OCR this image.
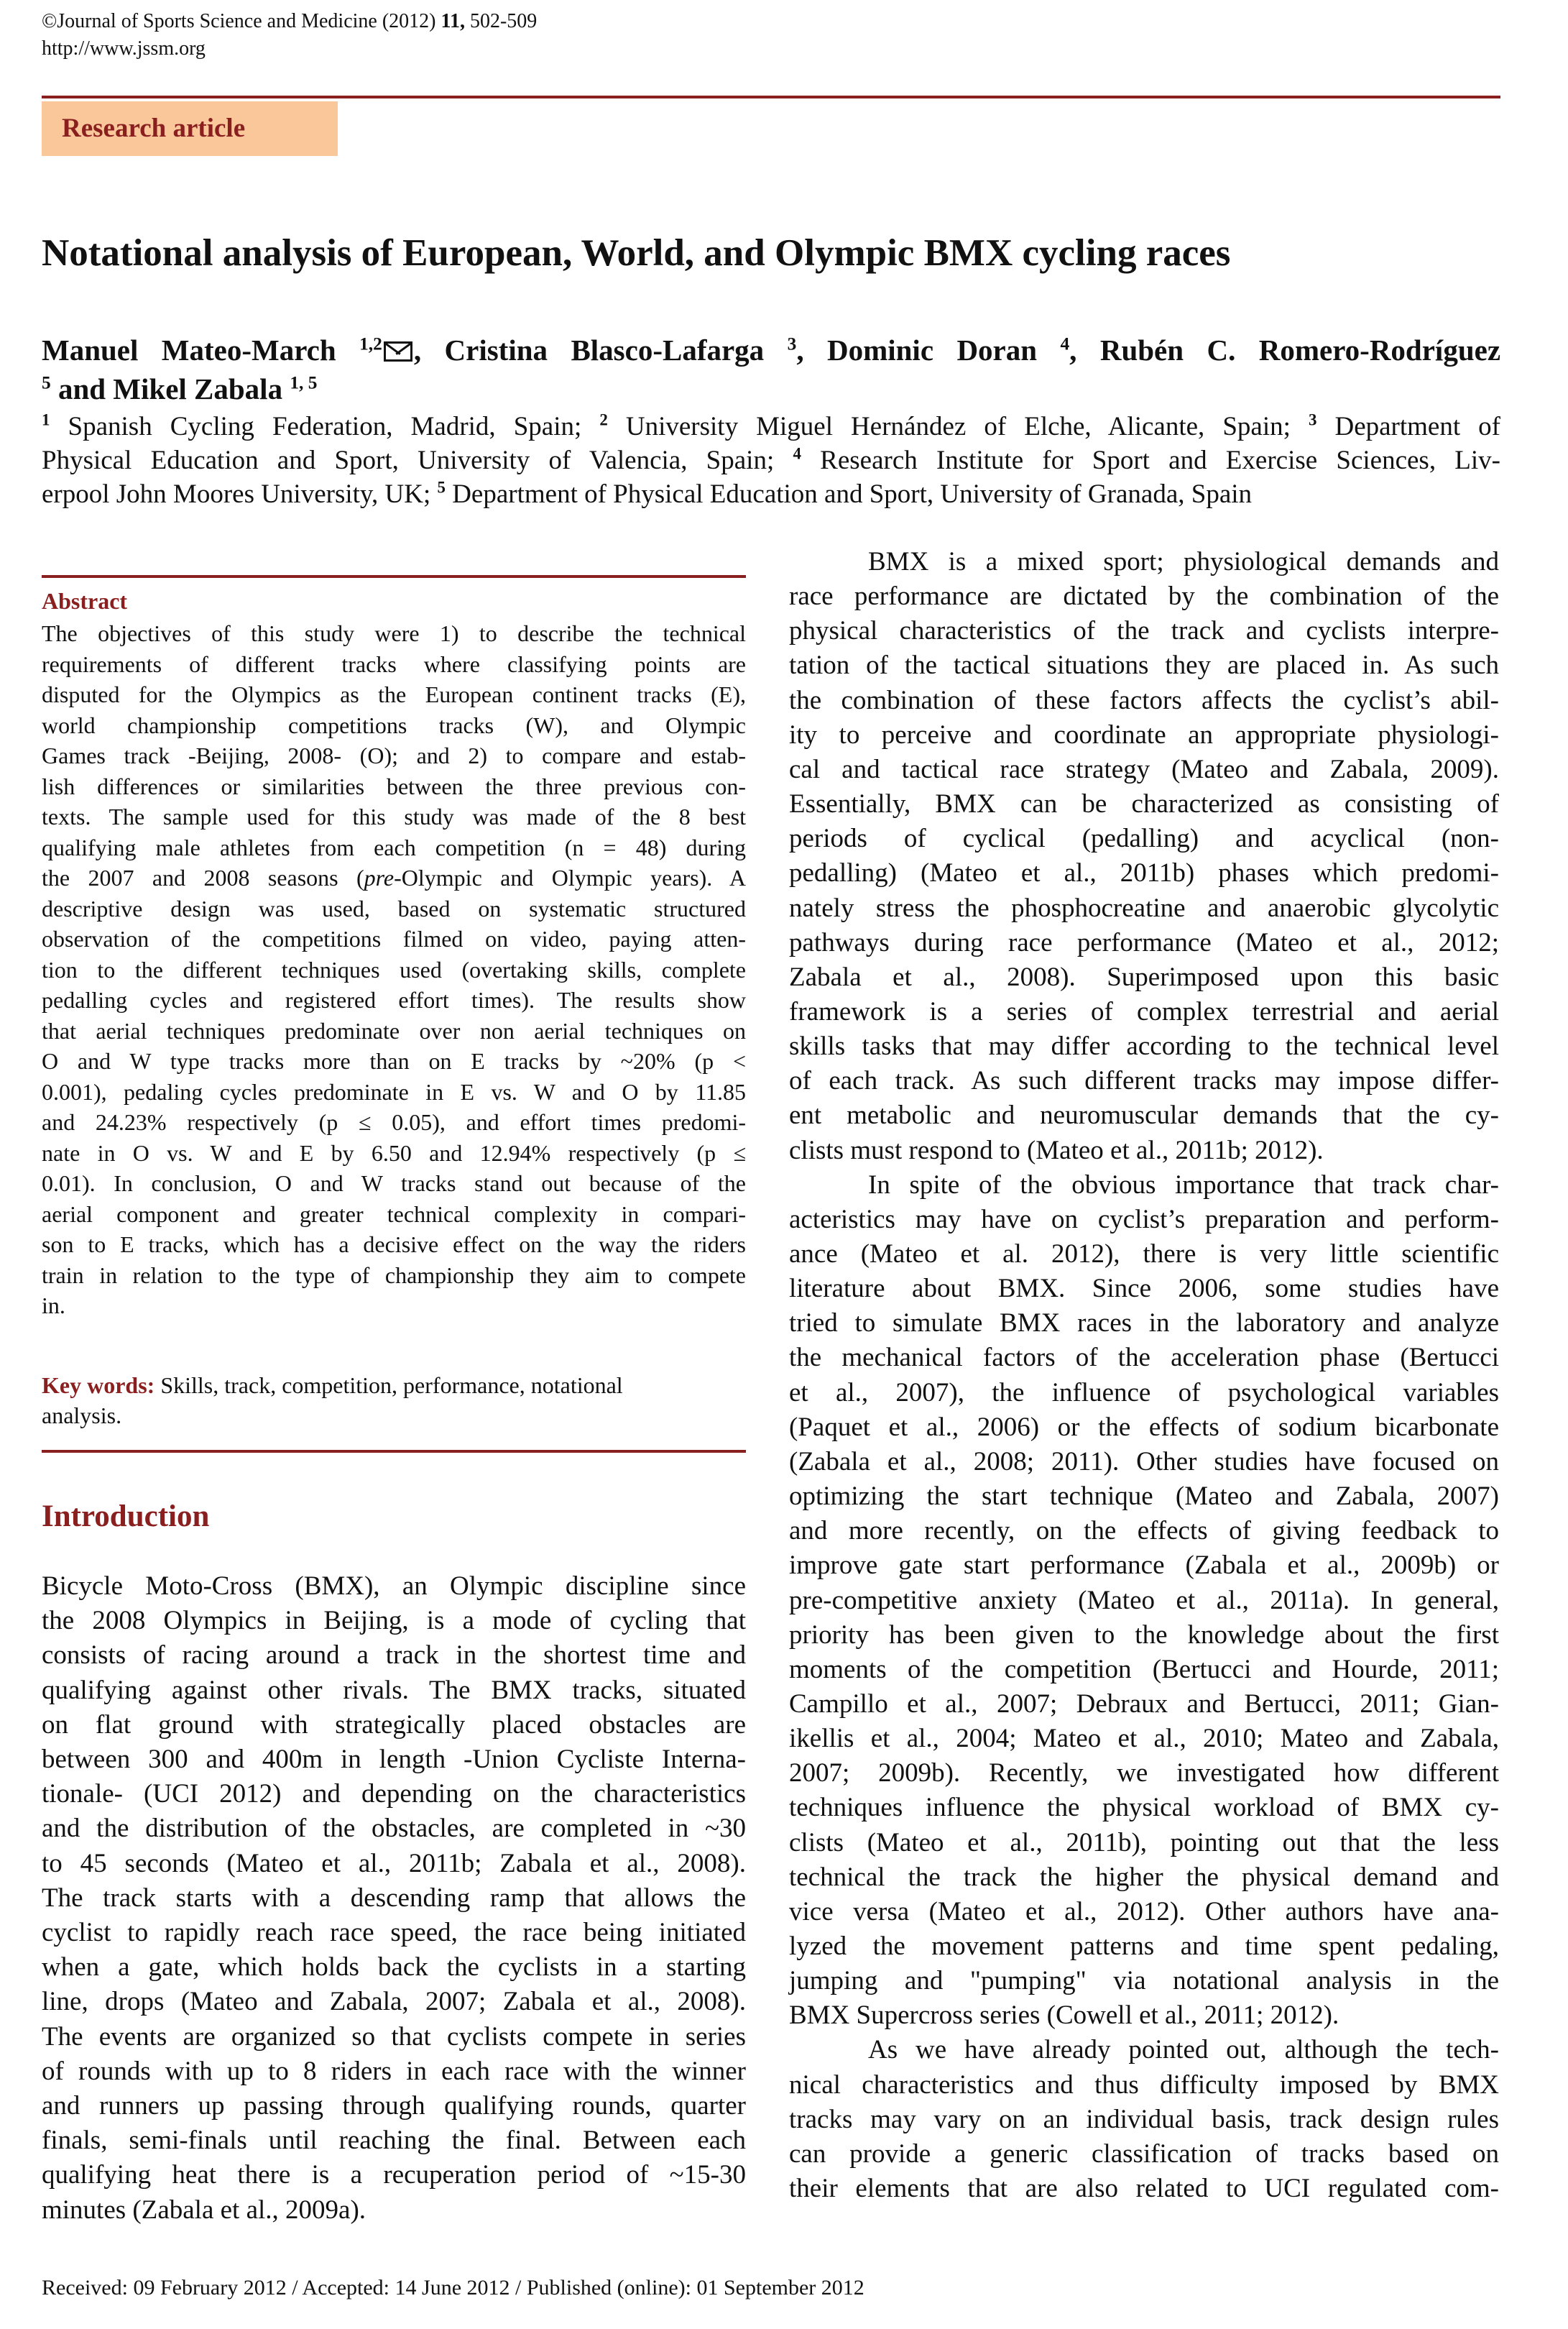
©Journal of Sports Science and Medicine (2012) 11, 502-509
http://www.jssm.org
Research article
Notational analysis of European, World, and Olympic BMX cycling races
Manuel Mateo-March $^{1,2}$ , Cristina Blasco-Lafarga $^3$, Dominic Doran $^4$, Rubén C. Romero-Rodríguez
$^5$ and Mikel Zabala $^{1, 5}$
$^1$ Spanish Cycling Federation, Madrid, Spain; $^2$ University Miguel Hernández of Elche, Alicante, Spain; $^3$ Department of
Physical Education and Sport, University of Valencia, Spain; $^4$ Research Institute for Sport and Exercise Sciences, Liv-
erpool John Moores University, UK; $^5$ Department of Physical Education and Sport, University of Granada, Spain
Abstract
The objectives of this study were 1) to describe the technical
requirements of different tracks where classifying points are
disputed for the Olympics as the European continent tracks (E),
world championship competitions tracks (W), and Olympic
Games track -Beijing, 2008- (O); and 2) to compare and estab-
lish differences or similarities between the three previous con-
texts. The sample used for this study was made of the 8 best
qualifying male athletes from each competition (n = 48) during
the 2007 and 2008 seasons (pre-Olympic and Olympic years). A
descriptive design was used, based on systematic structured
observation of the competitions filmed on video, paying atten-
tion to the different techniques used (overtaking skills, complete
pedalling cycles and registered effort times). The results show
that aerial techniques predominate over non aerial techniques on
O and W type tracks more than on E tracks by ~20% (p <
0.001), pedaling cycles predominate in E vs. W and O by 11.85
and 24.23% respectively (p ≤ 0.05), and effort times predomi-
nate in O vs. W and E by 6.50 and 12.94% respectively (p ≤
0.01). In conclusion, O and W tracks stand out because of the
aerial component and greater technical complexity in compari-
son to E tracks, which has a decisive effect on the way the riders
train in relation to the type of championship they aim to compete
in.
Key words: Skills, track, competition, performance, notational
analysis.
Introduction
Bicycle Moto-Cross (BMX), an Olympic discipline since
the 2008 Olympics in Beijing, is a mode of cycling that
consists of racing around a track in the shortest time and
qualifying against other rivals. The BMX tracks, situated
on flat ground with strategically placed obstacles are
between 300 and 400m in length -Union Cycliste Interna-
tionale- (UCI 2012) and depending on the characteristics
and the distribution of the obstacles, are completed in ~30
to 45 seconds (Mateo et al., 2011b; Zabala et al., 2008).
The track starts with a descending ramp that allows the
cyclist to rapidly reach race speed, the race being initiated
when a gate, which holds back the cyclists in a starting
line, drops (Mateo and Zabala, 2007; Zabala et al., 2008).
The events are organized so that cyclists compete in series
of rounds with up to 8 riders in each race with the winner
and runners up passing through qualifying rounds, quarter
finals, semi-finals until reaching the final. Between each
qualifying heat there is a recuperation period of ~15-30
minutes (Zabala et al., 2009a).
BMX is a mixed sport; physiological demands and
race performance are dictated by the combination of the
physical characteristics of the track and cyclists interpre-
tation of the tactical situations they are placed in. As such
the combination of these factors affects the cyclist’s abil-
ity to perceive and coordinate an appropriate physiologi-
cal and tactical race strategy (Mateo and Zabala, 2009).
Essentially, BMX can be characterized as consisting of
periods of cyclical (pedalling) and acyclical (non-
pedalling) (Mateo et al., 2011b) phases which predomi-
nately stress the phosphocreatine and anaerobic glycolytic
pathways during race performance (Mateo et al., 2012;
Zabala et al., 2008). Superimposed upon this basic
framework is a series of complex terrestrial and aerial
skills tasks that may differ according to the technical level
of each track. As such different tracks may impose differ-
ent metabolic and neuromuscular demands that the cy-
clists must respond to (Mateo et al., 2011b; 2012).
In spite of the obvious importance that track char-
acteristics may have on cyclist’s preparation and perform-
ance (Mateo et al. 2012), there is very little scientific
literature about BMX. Since 2006, some studies have
tried to simulate BMX races in the laboratory and analyze
the mechanical factors of the acceleration phase (Bertucci
et al., 2007), the influence of psychological variables
(Paquet et al., 2006) or the effects of sodium bicarbonate
(Zabala et al., 2008; 2011). Other studies have focused on
optimizing the start technique (Mateo and Zabala, 2007)
and more recently, on the effects of giving feedback to
improve gate start performance (Zabala et al., 2009b) or
pre-competitive anxiety (Mateo et al., 2011a). In general,
priority has been given to the knowledge about the first
moments of the competition (Bertucci and Hourde, 2011;
Campillo et al., 2007; Debraux and Bertucci, 2011; Gian-
ikellis et al., 2004; Mateo et al., 2010; Mateo and Zabala,
2007; 2009b). Recently, we investigated how different
techniques influence the physical workload of BMX cy-
clists (Mateo et al., 2011b), pointing out that the less
technical the track the higher the physical demand and
vice versa (Mateo et al., 2012). Other authors have ana-
lyzed the movement patterns and time spent pedaling,
jumping and "pumping" via notational analysis in the
BMX Supercross series (Cowell et al., 2011; 2012).
As we have already pointed out, although the tech-
nical characteristics and thus difficulty imposed by BMX
tracks may vary on an individual basis, track design rules
can provide a generic classification of tracks based on
their elements that are also related to UCI regulated com-
Received: 09 February 2012 / Accepted: 14 June 2012 / Published (online): 01 September 2012
